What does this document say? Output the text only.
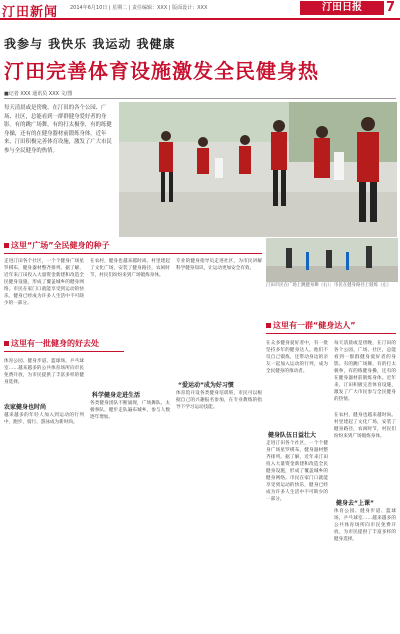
汀田新闻 2014年6月10日 | 星期二 | 责任编辑：XXX | 版面设计：XXX	汀田日报	7
我参与 我快乐 我运动 我健康
汀田完善体育设施激发全民健身热
■记者 XXX 通讯员 XXX 文/图
每天清晨或是傍晚，在汀田的各个公园、广场、社区，总能看到一群群健身爱好者的身影。有的跳广场舞，有的打太极拳，有的练健身操，还有的在健身器材前锻炼身体。近年来，汀田积极完善体育设施，激发了广大市民参与全民健身的热情。
汀田市民在广场上跳健身舞（右）；市民在健身路径上锻炼（左）
这里“广场”全民健身的种子
走进汀田各个社区，一个个健身广场星罗棋布，健身器材整齐排列。据了解，近年来汀田投入大量资金新建和改造全民健身设施，形成了覆盖城乡的健身网络。市民在家门口就能享受到运动的快乐，健身已经成为许多人生活中不可缺少的一部分。
在农村，健身也越来越时尚。村里建起了文化广场，安装了健身路径，农闲时节，村民们纷纷来到广场锻炼身体。
专业的健身指导员走进社区，为市民讲解科学健身知识，让运动更加安全有效。
这里有一批健身的好去处
体育公园、健身步道、篮球场、乒乓球室……越来越多的公共体育场所向市民免费开放，为市民提供了丰富多样的健身选择。
农家健身也时尚
越来越多的年轻人加入到运动的行列中，跑步、骑行、游泳成为新时尚。
科学健身走进生活
各类健身团队不断涌现，广场舞队、太极拳队、健步走队遍布城乡，参与人数逐年增加。
“爱运动”成为好习惯
体育馆开设各类健身培训班，市民可以根据自己的兴趣报名参加，在专业教练的指导下学习运动技能。
这里有一群“健身达人”
在众多健身爱好者中，有一批坚持多年的健身达人。他们不仅自己锻炼，还带动身边的亲友一起加入运动的行列，成为全民健身的推动者。
每天清晨或是傍晚，在汀田的各个公园、广场、社区，总能看到一群群健身爱好者的身影。有的跳广场舞，有的打太极拳，有的练健身操，还有的在健身器材前锻炼身体。近年来，汀田积极完善体育设施，激发了广大市民参与全民健身的热情。
健身队伍日益壮大
走进汀田各个社区，一个个健身广场星罗棋布，健身器材整齐排列。据了解，近年来汀田投入大量资金新建和改造全民健身设施，形成了覆盖城乡的健身网络。市民在家门口就能享受到运动的快乐，健身已经成为许多人生活中不可缺少的一部分。
健身去“上课”
体育公园、健身步道、篮球场、乒乓球室……越来越多的公共体育场所向市民免费开放，为市民提供了丰富多样的健身选择。
在农村，健身也越来越时尚。村里建起了文化广场，安装了健身路径，农闲时节，村民们纷纷来到广场锻炼身体。
